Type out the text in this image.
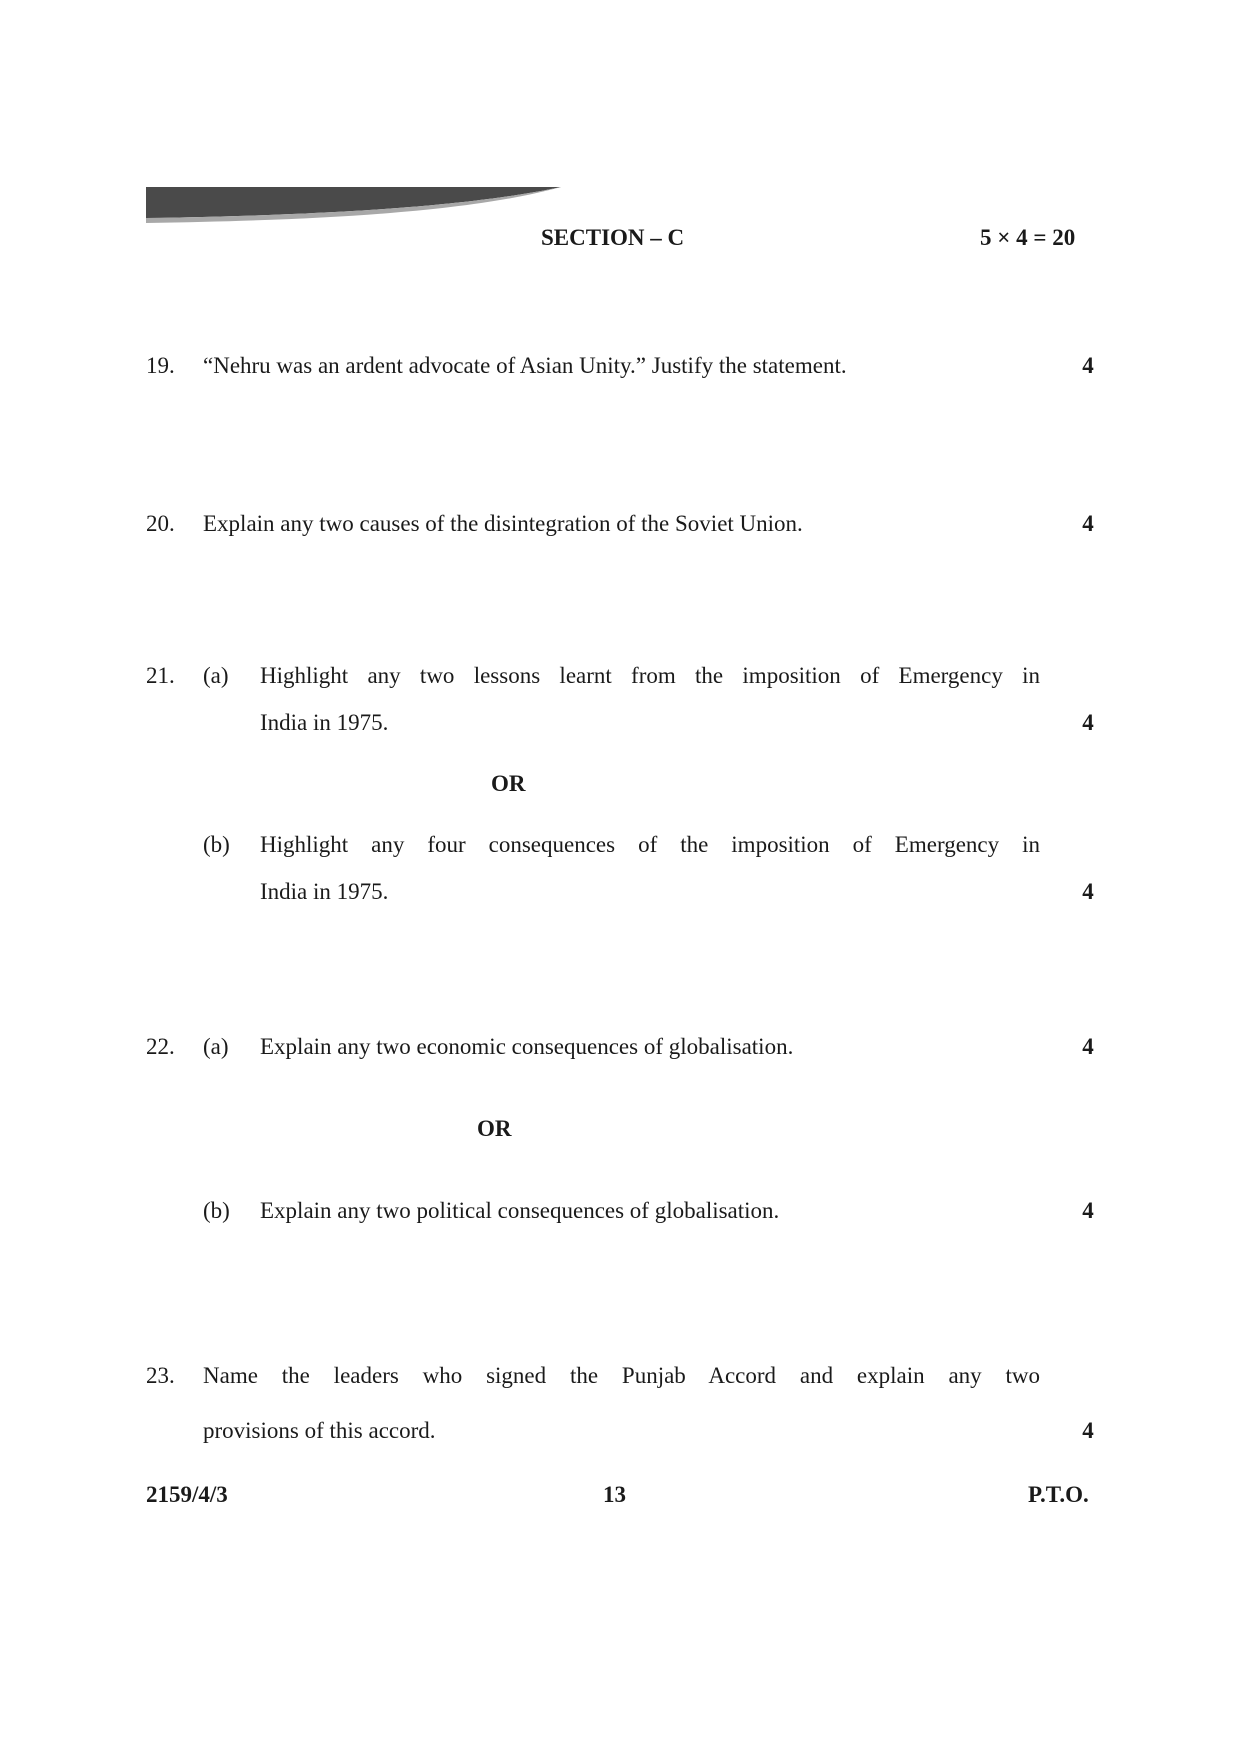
SECTION – C	5 × 4 = 20
19. “Nehru was an ardent advocate of Asian Unity.” Justify the statement.	4
20. Explain any two causes of the disintegration of the Soviet Union.	4
21. (a) Highlight any two lessons learnt from the imposition of Emergency in
India in 1975.	4
OR
(b) Highlight any four consequences of the imposition of Emergency in
India in 1975.	4
22. (a) Explain any two economic consequences of globalisation.	4
OR
(b) Explain any two political consequences of globalisation.	4
23. Name the leaders who signed the Punjab Accord and explain any two
provisions of this accord.	4
2159/4/3	13	P.T.O.
